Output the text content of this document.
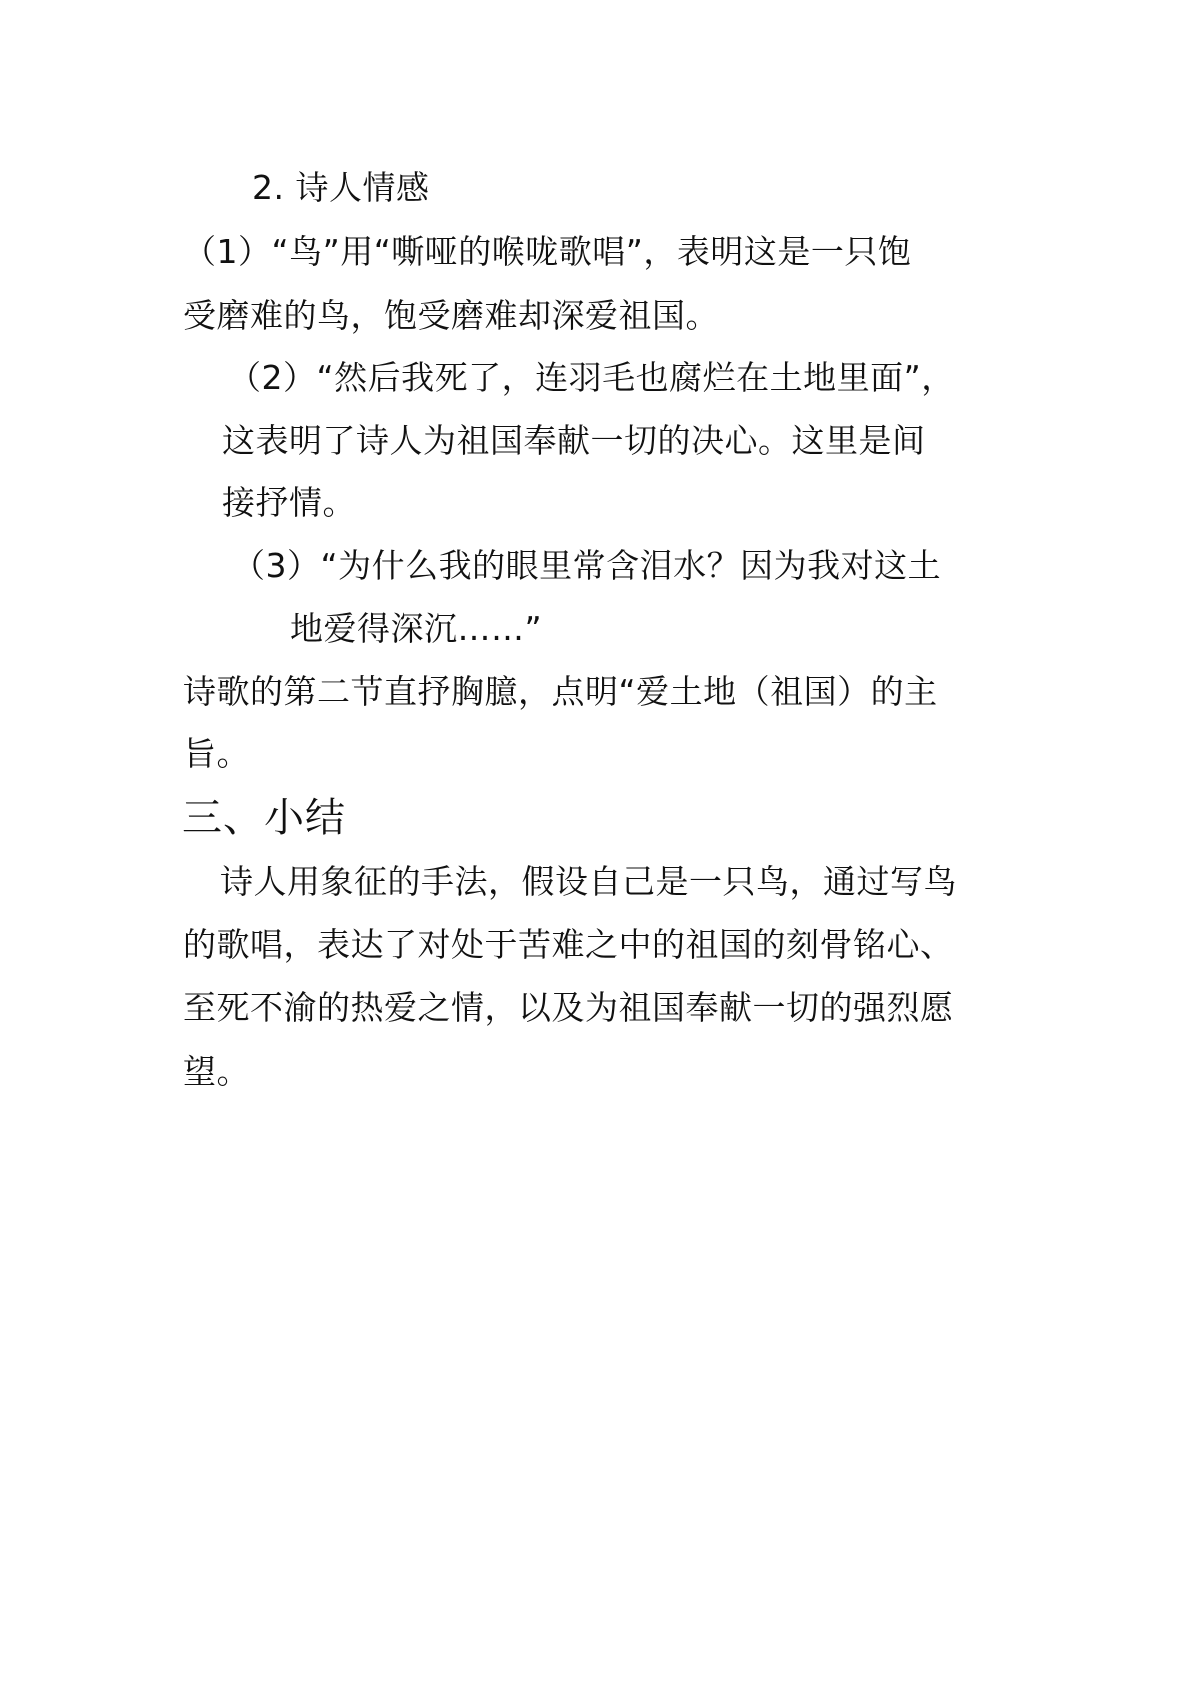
2. 诗人情感
（1）“鸟”用“嘶哑的喉咙歌唱”，表明这是一只饱
受磨难的鸟，饱受磨难却深爱祖国。
（2）“然后我死了，连羽毛也腐烂在土地里面”，
这表明了诗人为祖国奉献一切的决心。这里是间
接抒情。
（3）“为什么我的眼里常含泪水？因为我对这土
地爱得深沉……”
诗歌的第二节直抒胸臆，点明“爱土地（祖国）的主
旨。
三、小结
诗人用象征的手法，假设自己是一只鸟，通过写鸟
的歌唱，表达了对处于苦难之中的祖国的刻骨铭心、
至死不渝的热爱之情，以及为祖国奉献一切的强烈愿
望。
